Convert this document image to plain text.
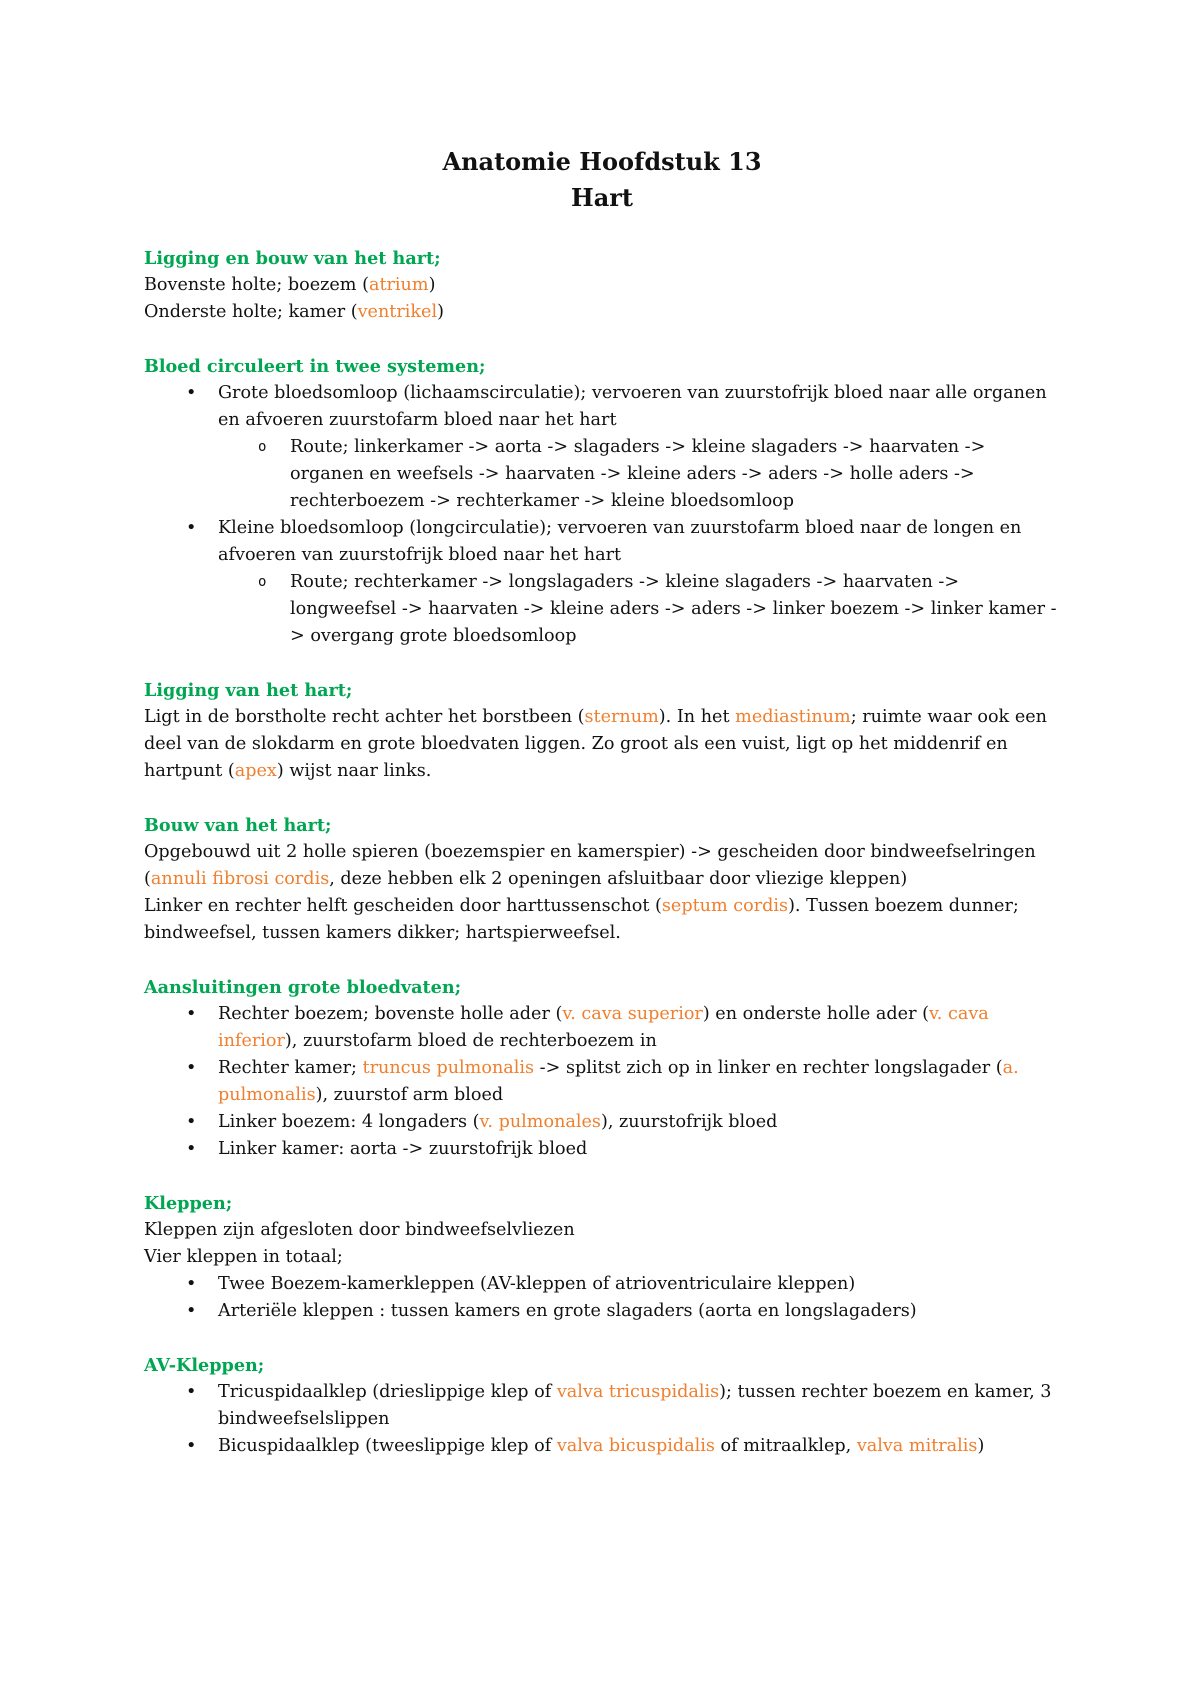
Anatomie Hoofdstuk 13

Hart

Ligging en bouw van het hart;

Bovenste holte; boezem (atrium)

Onderste holte; kamer (ventrikel)

Bloed circuleert in twee systemen;

• Grote bloedsomloop (lichaamscirculatie); vervoeren van zuurstofrijk bloed naar alle organen en afvoeren zuurstofarm bloed naar het hart
o Route; linkerkamer -> aorta -> slagaders -> kleine slagaders -> haarvaten -> organen en weefsels -> haarvaten -> kleine aders -> aders -> holle aders -> rechterboezem -> rechterkamer -> kleine bloedsomloop
• Kleine bloedsomloop (longcirculatie); vervoeren van zuurstofarm bloed naar de longen en afvoeren van zuurstofrijk bloed naar het hart
o Route; rechterkamer -> longslagaders -> kleine slagaders -> haarvaten -> longweefsel -> haarvaten -> kleine aders -> aders -> linker boezem -> linker kamer -> overgang grote bloedsomloop

Ligging van het hart;

Ligt in de borstholte recht achter het borstbeen (sternum). In het mediastinum; ruimte waar ook een deel van de slokdarm en grote bloedvaten liggen. Zo groot als een vuist, ligt op het middenrif en hartpunt (apex) wijst naar links.

Bouw van het hart;

Opgebouwd uit 2 holle spieren (boezemspier en kamerspier) -> gescheiden door bindweefselringen (annuli fibrosi cordis, deze hebben elk 2 openingen afsluitbaar door vliezige kleppen)

Linker en rechter helft gescheiden door harttussenschot (septum cordis). Tussen boezem dunner; bindweefsel, tussen kamers dikker; hartspierweefsel.

Aansluitingen grote bloedvaten;

• Rechter boezem; bovenste holle ader (v. cava superior) en onderste holle ader (v. cava inferior), zuurstofarm bloed de rechterboezem in
• Rechter kamer; truncus pulmonalis -> splitst zich op in linker en rechter longslagader (a. pulmonalis), zuurstof arm bloed
• Linker boezem: 4 longaders (v. pulmonales), zuurstofrijk bloed
• Linker kamer: aorta -> zuurstofrijk bloed

Kleppen;

Kleppen zijn afgesloten door bindweefselvliezen

Vier kleppen in totaal;

• Twee Boezem-kamerkleppen (AV-kleppen of atrioventriculaire kleppen)
• Arteriële kleppen : tussen kamers en grote slagaders (aorta en longslagaders)

AV-Kleppen;

• Tricuspidaalklep (drieslippige klep of valva tricuspidalis); tussen rechter boezem en kamer, 3 bindweefselslippen
• Bicuspidaalklep (tweeslippige klep of valva bicuspidalis of mitraalklep, valva mitralis)
